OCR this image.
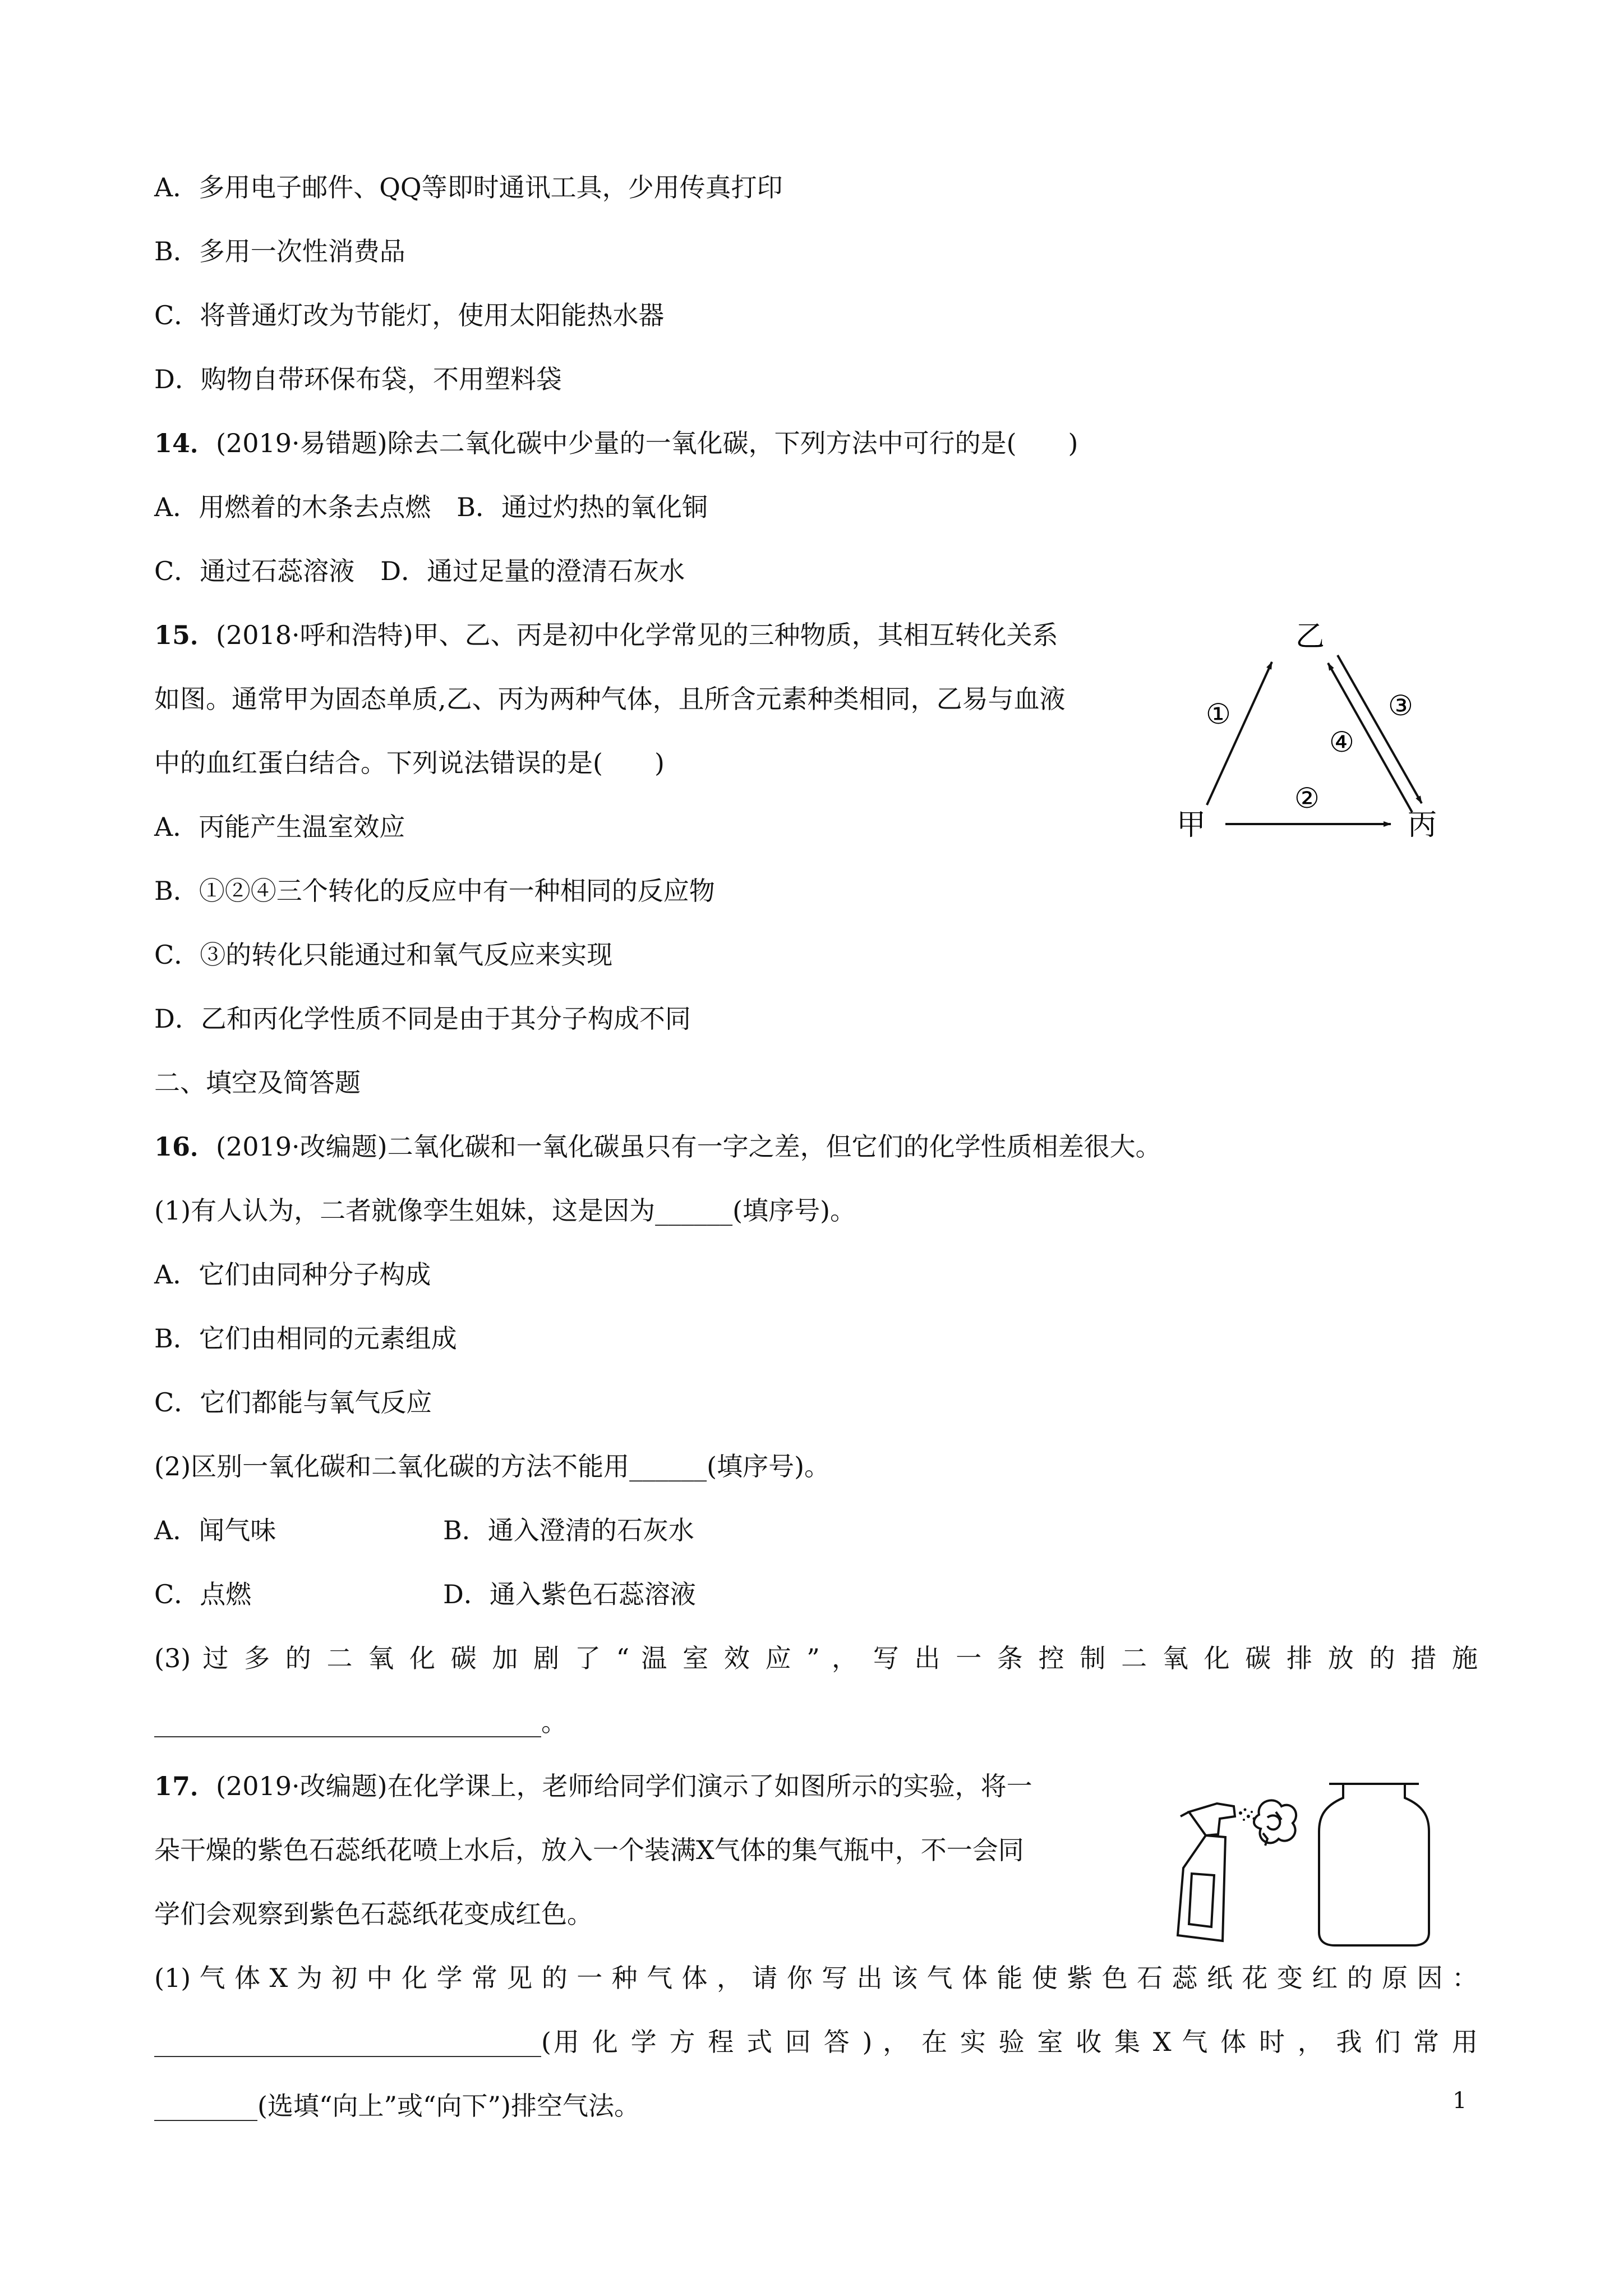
A．多用电子邮件、QQ等即时通讯工具，少用传真打印
B．多用一次性消费品
C．将普通灯改为节能灯，使用太阳能热水器
D．购物自带环保布袋，不用塑料袋
14．(2019·易错题)除去二氧化碳中少量的一氧化碳，下列方法中可行的是(　　)
A．用燃着的木条去点燃　B．通过灼热的氧化铜
C．通过石蕊溶液　D．通过足量的澄清石灰水
15．(2018·呼和浩特)甲、乙、丙是初中化学常见的三种物质，其相互转化关系
如图。通常甲为固态单质,乙、丙为两种气体，且所含元素种类相同，乙易与血液
中的血红蛋白结合。下列说法错误的是(　　)
A．丙能产生温室效应
B．①②④三个转化的反应中有一种相同的反应物
C．③的转化只能通过和氧气反应来实现
D．乙和丙化学性质不同是由于其分子构成不同
乙
甲	丙
①
②
③
④
二、填空及简答题
16．(2019·改编题)二氧化碳和一氧化碳虽只有一字之差，但它们的化学性质相差很大。
(1)有人认为，二者就像孪生姐妹，这是因为______(填序号)。
A．它们由同种分子构成
B．它们由相同的元素组成
C．它们都能与氧气反应
(2)区别一氧化碳和二氧化碳的方法不能用______(填序号)。
A．闻气味	B．通入澄清的石灰水
C．点燃	D．通入紫色石蕊溶液
(3) 过 多 的 二 氧 化 碳 加 剧 了 “ 温 室 效 应 ” ， 写 出 一 条 控 制 二 氧 化 碳 排 放 的 措 施
______________________________。
17．(2019·改编题)在化学课上，老师给同学们演示了如图所示的实验，将一
朵干燥的紫色石蕊纸花喷上水后，放入一个装满X气体的集气瓶中，不一会同
学们会观察到紫色石蕊纸花变成红色。
(1) 气 体 X 为 初 中 化 学 常 见 的 一 种 气 体 ， 请 你 写 出 该 气 体 能 使 紫 色 石 蕊 纸 花 变 红 的 原 因 ：
______________________________(用 化 学 方 程 式 回 答 ) ， 在 实 验 室 收 集 X 气 体 时 ， 我 们 常 用
________(选填“向上”或“向下”)排空气法。	1
